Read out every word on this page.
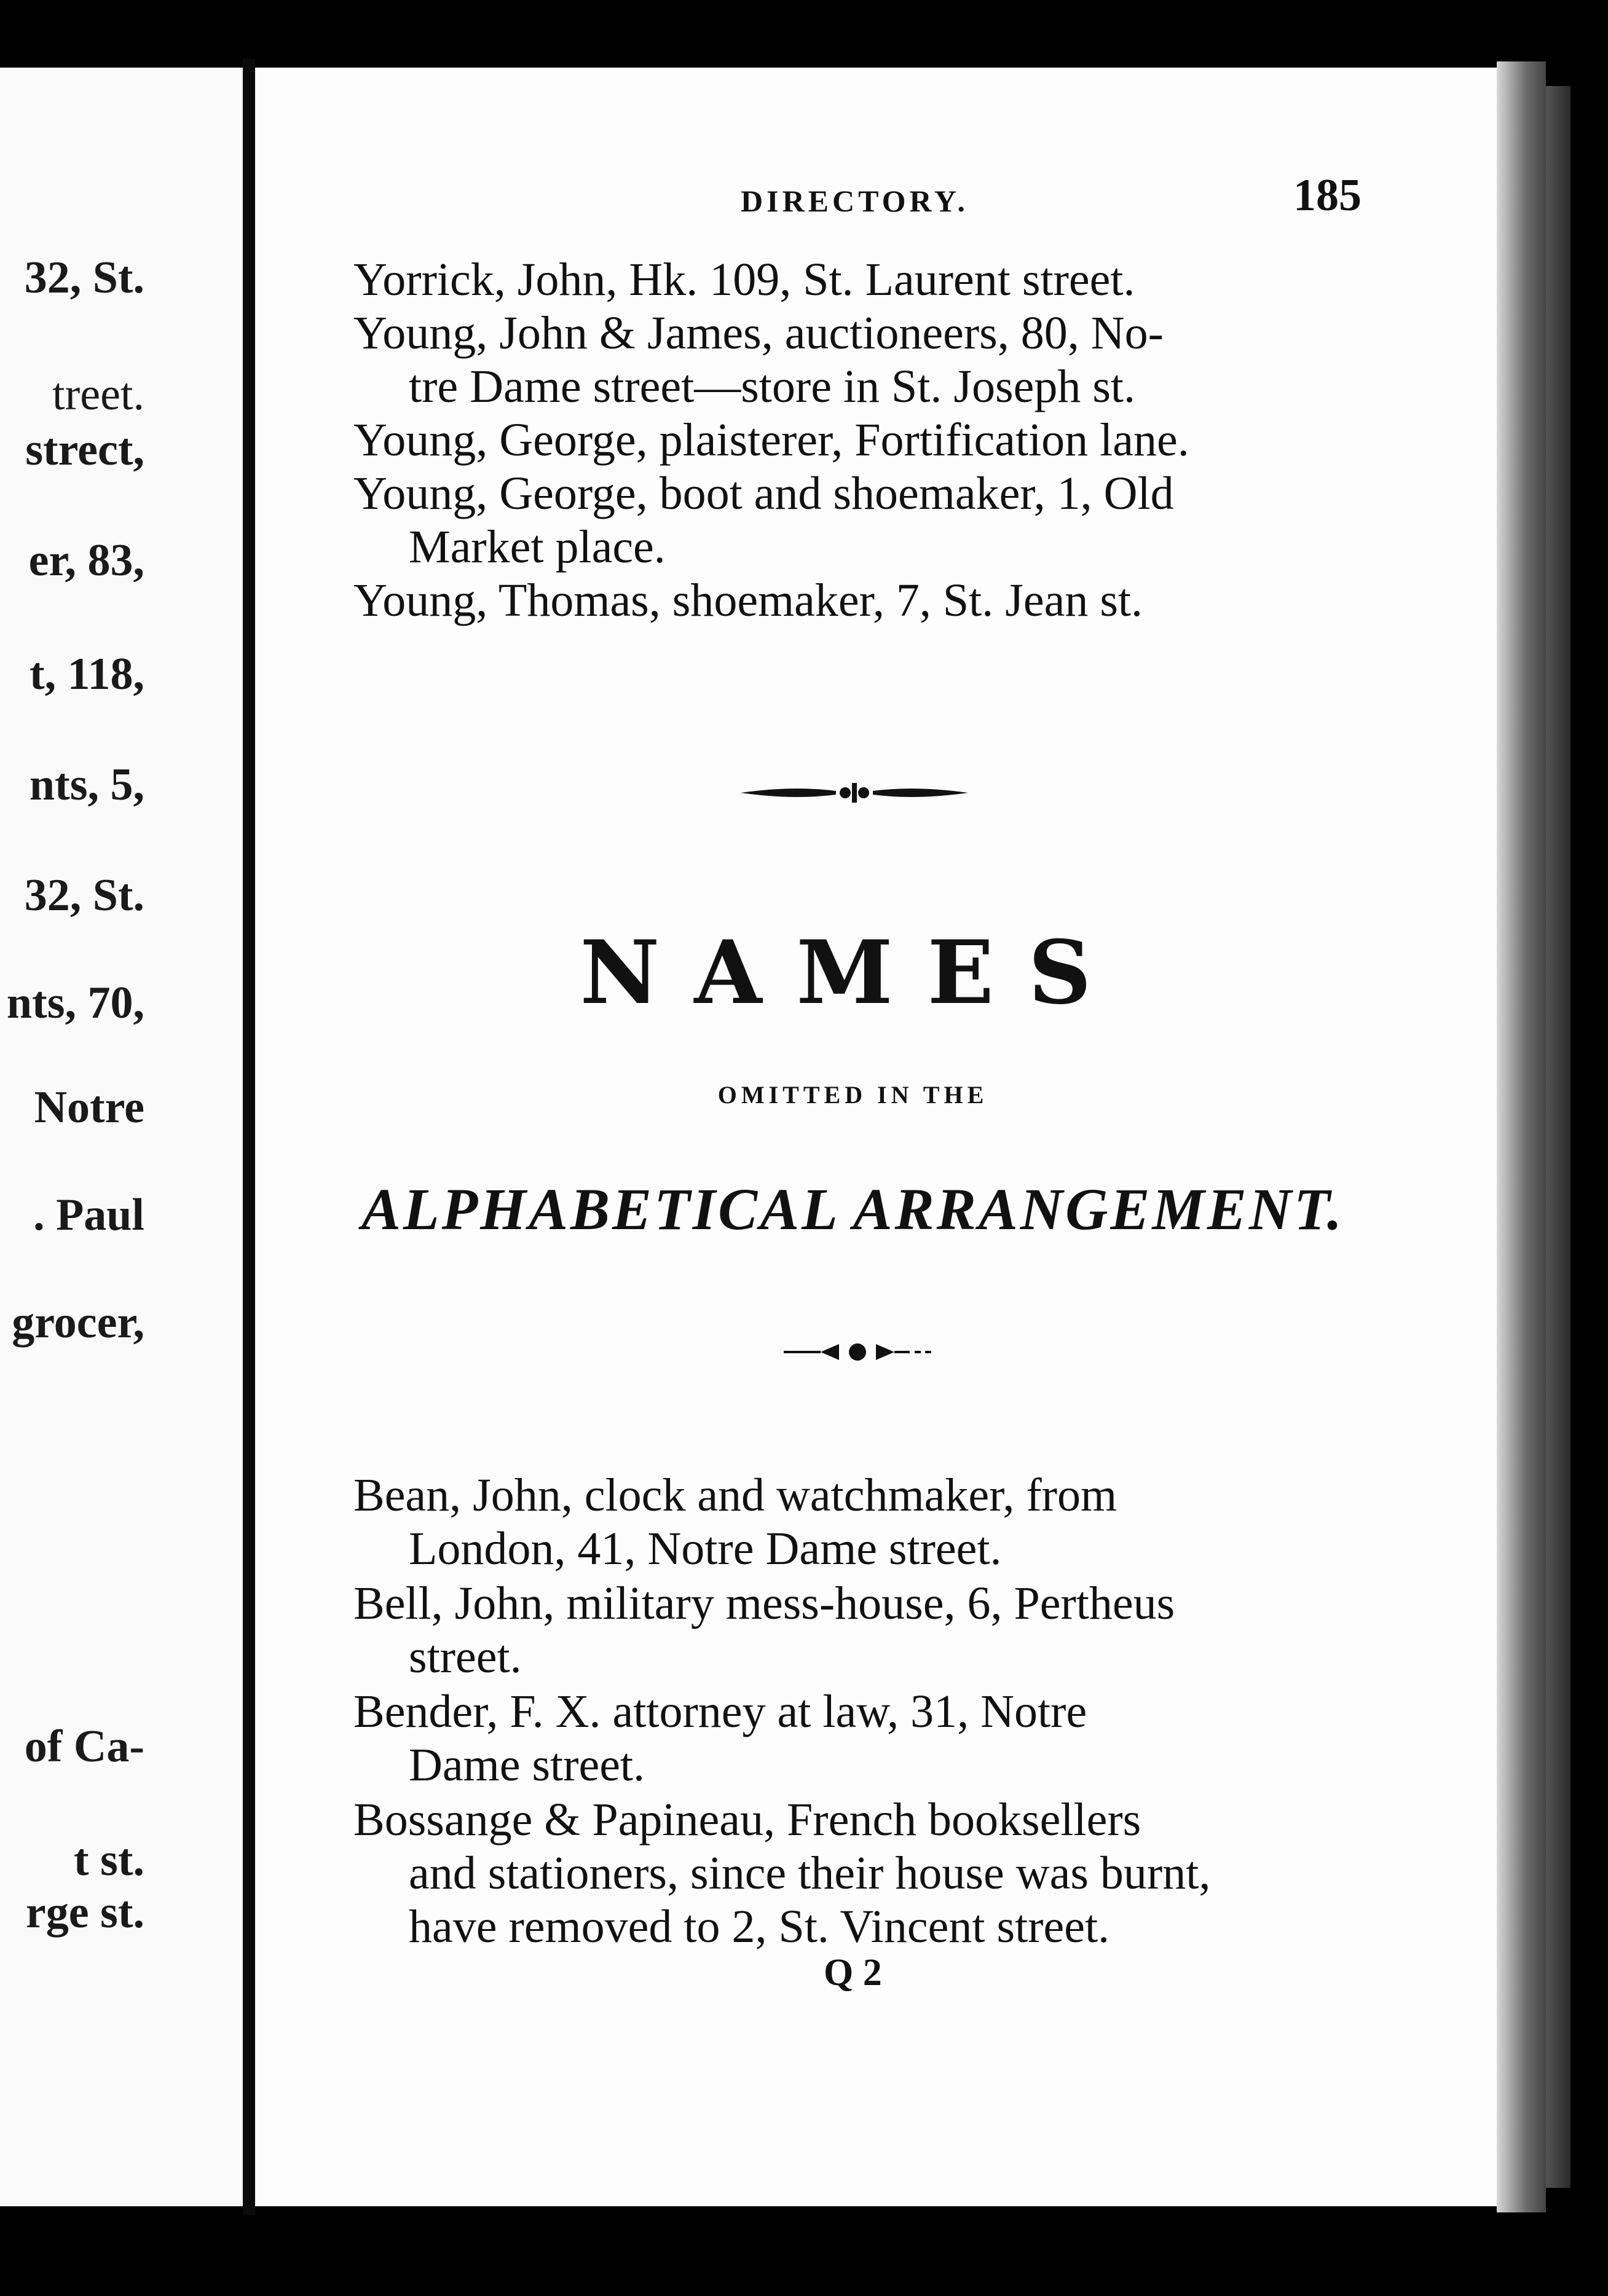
32, St.
treet.
strect,
er, 83,
t, 118,
nts, 5,
32, St.
nts, 70,
Notre
. Paul
grocer,
of Ca-
t st.
rge st.
DIRECTORY.	185
Yorrick, John, Hk. 109, St. Laurent street.
Young, John & James, auctioneers, 80, No-
tre Dame street—store in St. Joseph st.
Young, George, plaisterer, Fortification lane.
Young, George, boot and shoemaker, 1, Old
Market place.
Young, Thomas, shoemaker, 7, St. Jean st.
NAMES
OMITTED IN THE
ALPHABETICAL ARRANGEMENT.
Bean, John, clock and watchmaker, from
London, 41, Notre Dame street.
Bell, John, military mess-house, 6, Pertheus
street.
Bender, F. X. attorney at law, 31, Notre
Dame street.
Bossange & Papineau, French booksellers
and stationers, since their house was burnt,
have removed to 2, St. Vincent street.
Q 2
